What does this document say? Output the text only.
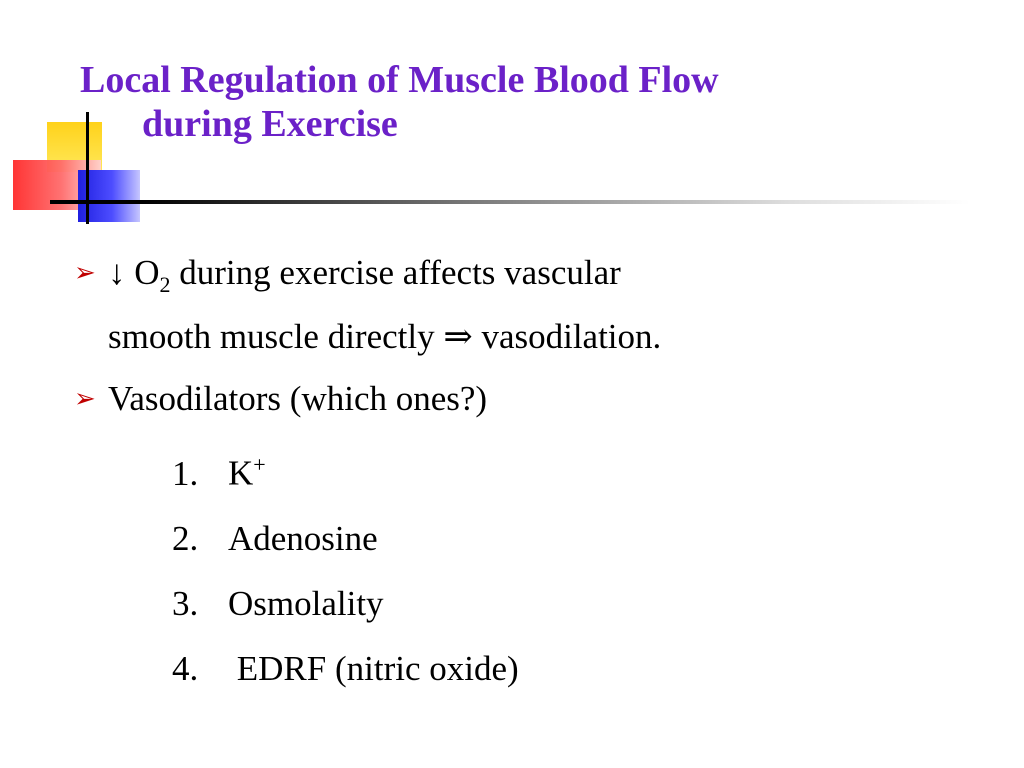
Local Regulation of Muscle Blood Flow
during Exercise
➢ ↓ $O_2$ during exercise affects vascular
smooth muscle directly ⇒ vasodilation.
➢ Vasodilators (which ones?)
1. K+
2. Adenosine
3. Osmolality
4. EDRF (nitric oxide)
